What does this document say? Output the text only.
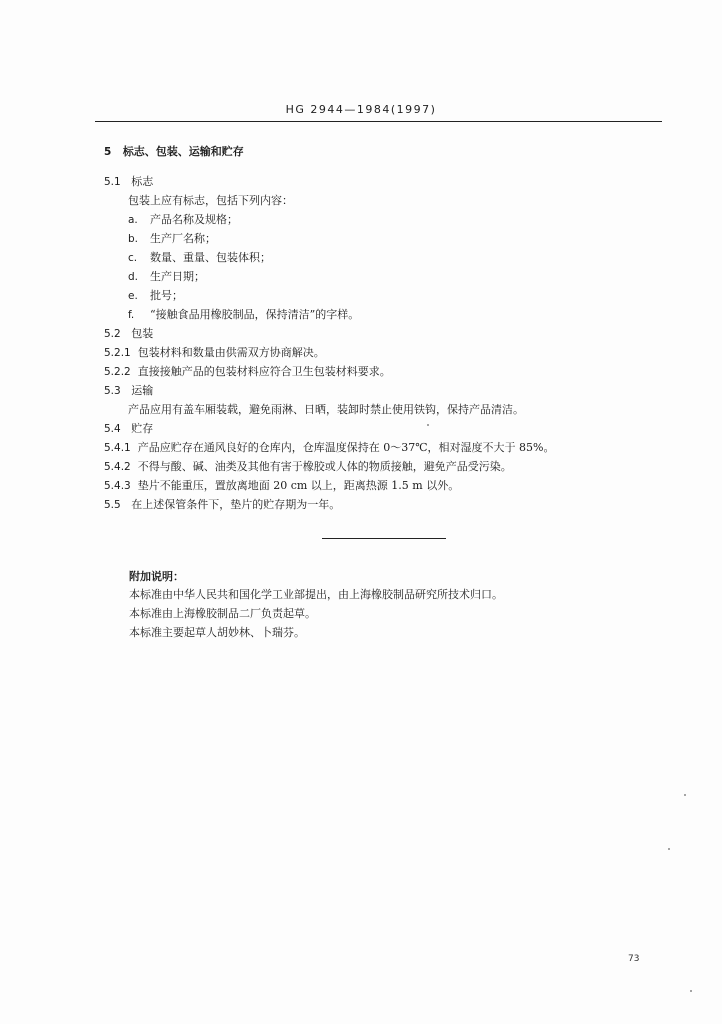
HG 2944—1984(1997)
5 标志、包装、运输和贮存
5.1 标志
包装上应有标志，包括下列内容：
a. 产品名称及规格；
b. 生产厂名称；
c. 数量、重量、包装体积；
d. 生产日期；
e. 批号；
f. “接触食品用橡胶制品，保持清洁”的字样。
5.2 包装
5.2.1 包装材料和数量由供需双方协商解决。
5.2.2 直接接触产品的包装材料应符合卫生包装材料要求。
5.3 运输
产品应用有盖车厢装载，避免雨淋、日晒，装卸时禁止使用铁钩，保持产品清洁。
5.4 贮存
5.4.1 产品应贮存在通风良好的仓库内，仓库温度保持在 0～37℃，相对湿度不大于 85%。
5.4.2 不得与酸、碱、油类及其他有害于橡胶或人体的物质接触，避免产品受污染。
5.4.3 垫片不能重压，置放离地面 20 cm 以上，距离热源 1.5 m 以外。
5.5 在上述保管条件下，垫片的贮存期为一年。
附加说明：
本标准由中华人民共和国化学工业部提出，由上海橡胶制品研究所技术归口。
本标准由上海橡胶制品二厂负责起草。
本标准主要起草人胡妙林、卜瑞芬。
73
